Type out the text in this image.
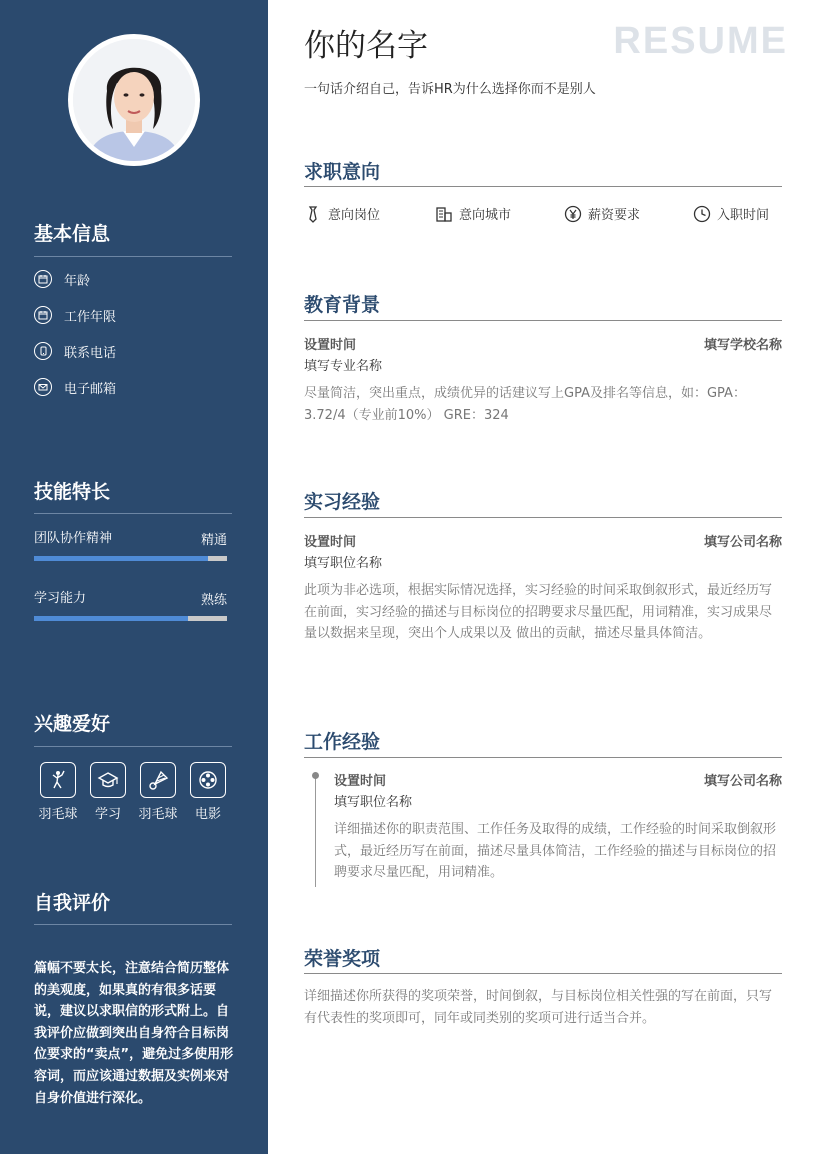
基本信息
年龄
工作年限
联系电话
电子邮箱
技能特长
团队协作精神	精通
学习能力	熟练
兴趣爱好
羽毛球	学习	羽毛球	电影
自我评价
篇幅不要太长，注意结合简历整体的美观度，如果真的有很多话要说，建议以求职信的形式附上。自我评价应做到突出自身符合目标岗位要求的“卖点”，避免过多使用形容词，而应该通过数据及实例来对自身价值进行深化。
你的名字	RESUME
一句话介绍自己，告诉HR为什么选择你而不是别人
求职意向
意向岗位	意向城市	薪资要求	入职时间
教育背景
设置时间	填写学校名称
填写专业名称
尽量简洁，突出重点，成绩优异的话建议写上GPA及排名等信息，如：GPA：3.72/4（专业前10%） GRE：324
实习经验
设置时间	填写公司名称
填写职位名称
此项为非必选项，根据实际情况选择，实习经验的时间采取倒叙形式，最近经历写在前面，实习经验的描述与目标岗位的招聘要求尽量匹配，用词精准，实习成果尽量以数据来呈现，突出个人成果以及 做出的贡献，描述尽量具体简洁。
工作经验
设置时间	填写公司名称
填写职位名称
详细描述你的职责范围、工作任务及取得的成绩，工作经验的时间采取倒叙形式，最近经历写在前面，描述尽量具体简洁，工作经验的描述与目标岗位的招聘要求尽量匹配，用词精准。
荣誉奖项
详细描述你所获得的奖项荣誉，时间倒叙，与目标岗位相关性强的写在前面，只写有代表性的奖项即可，同年或同类别的奖项可进行适当合并。
